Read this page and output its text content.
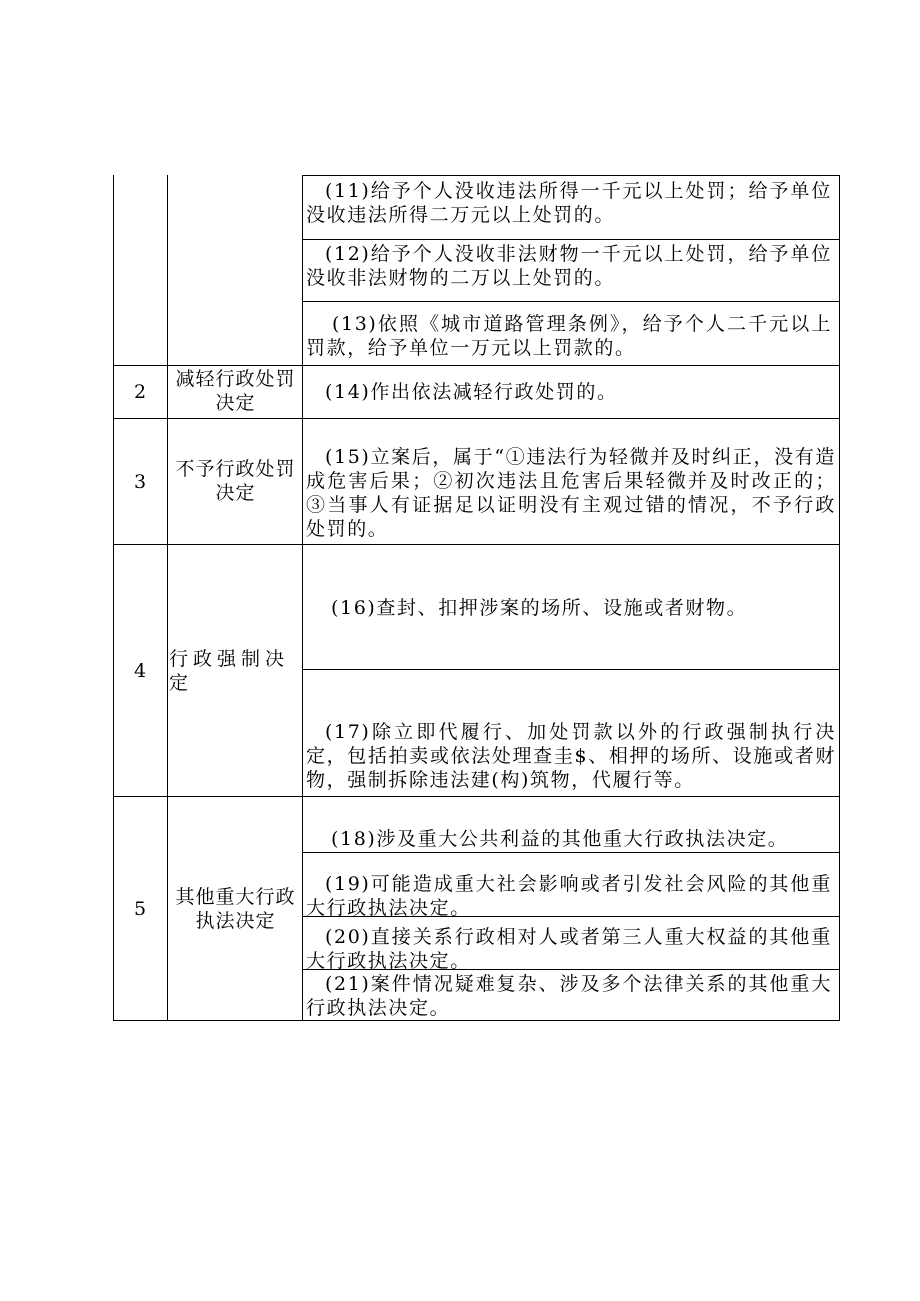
(11)给予个人没收违法所得一千元以上处罚；给予单位没收违法所得二万元以上处罚的。
(12)给予个人没收非法财物一千元以上处罚，给予单位没收非法财物的二万以上处罚的。
(13)依照《城市道路管理条例》，给予个人二千元以上罚款，给予单位一万元以上罚款的。
2
减轻行政处罚决定	(14)作出依法减轻行政处罚的。
3
不予行政处罚决定
(15)立案后，属于“①违法行为轻微并及时纠正，没有造成危害后果；②初次违法且危害后果轻微并及时改正的；③当事人有证据足以证明没有主观过错的情况，不予行政处罚的。
4
行政强制决定
(16)查封、扣押涉案的场所、设施或者财物。
(17)除立即代履行、加处罚款以外的行政强制执行决定，包括拍卖或依法处理查圭$、相押的场所、设施或者财物，强制拆除违法建(构)筑物，代履行等。
5
其他重大行政执法决定
(18)涉及重大公共利益的其他重大行政执法决定。
(19)可能造成重大社会影响或者引发社会风险的其他重大行政执法决定。
(20)直接关系行政相对人或者第三人重大权益的其他重大行政执法决定。
(21)案件情况疑难复杂、涉及多个法律关系的其他重大行政执法决定。
